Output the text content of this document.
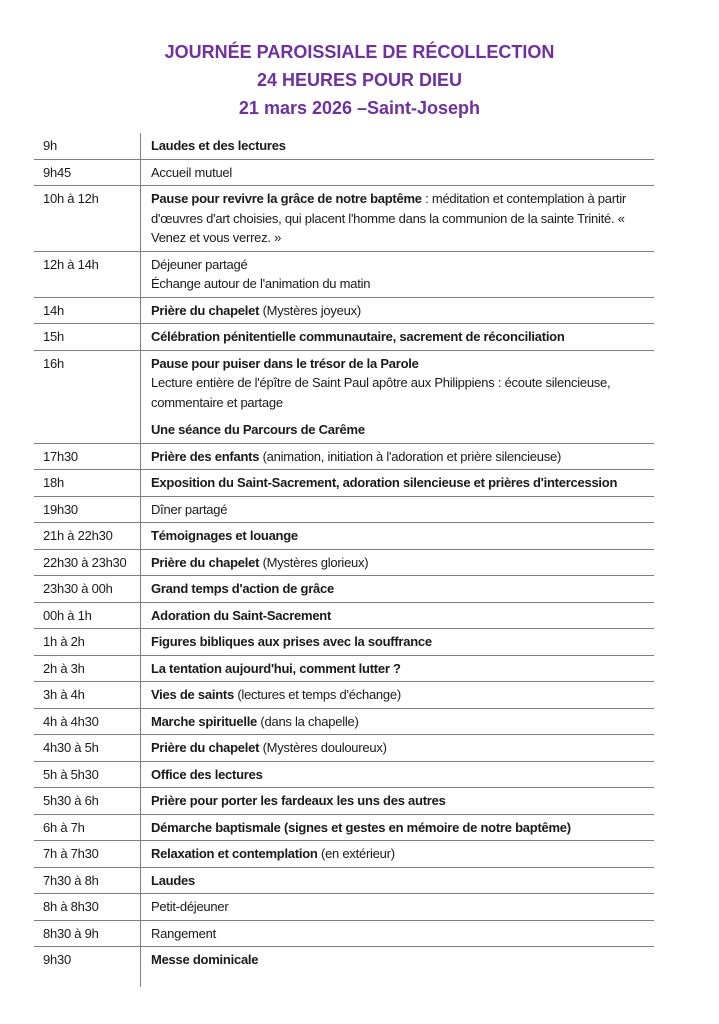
JOURNÉE PAROISSIALE DE RÉCOLLECTION
24 HEURES POUR DIEU
21 mars 2026 –Saint-Joseph
9h	Laudes et des lectures
9h45	Accueil mutuel
10h à 12h	Pause pour revivre la grâce de notre baptême : méditation et contemplation à partir d'œuvres d'art choisies, qui placent l'homme dans la communion de la sainte Trinité. « Venez et vous verrez. »
12h à 14h	Déjeuner partagé
Échange autour de l'animation du matin
14h	Prière du chapelet (Mystères joyeux)
15h	Célébration pénitentielle communautaire, sacrement de réconciliation
16h	Pause pour puiser dans le trésor de la Parole
Lecture entière de l'épître de Saint Paul apôtre aux Philippiens : écoute silencieuse, commentaire et partage
Une séance du Parcours de Carême
17h30	Prière des enfants (animation, initiation à l'adoration et prière silencieuse)
18h	Exposition du Saint-Sacrement, adoration silencieuse et prières d'intercession
19h30	Dîner partagé
21h à 22h30	Témoignages et louange
22h30 à 23h30	Prière du chapelet (Mystères glorieux)
23h30 à 00h	Grand temps d'action de grâce
00h à 1h	Adoration du Saint-Sacrement
1h à 2h	Figures bibliques aux prises avec la souffrance
2h à 3h	La tentation aujourd'hui, comment lutter ?
3h à 4h	Vies de saints (lectures et temps d'échange)
4h à 4h30	Marche spirituelle (dans la chapelle)
4h30 à 5h	Prière du chapelet (Mystères douloureux)
5h à 5h30	Office des lectures
5h30 à 6h	Prière pour porter les fardeaux les uns des autres
6h à 7h	Démarche baptismale (signes et gestes en mémoire de notre baptême)
7h à 7h30	Relaxation et contemplation (en extérieur)
7h30 à 8h	Laudes
8h à 8h30	Petit-déjeuner
8h30 à 9h	Rangement
9h30	Messe dominicale
